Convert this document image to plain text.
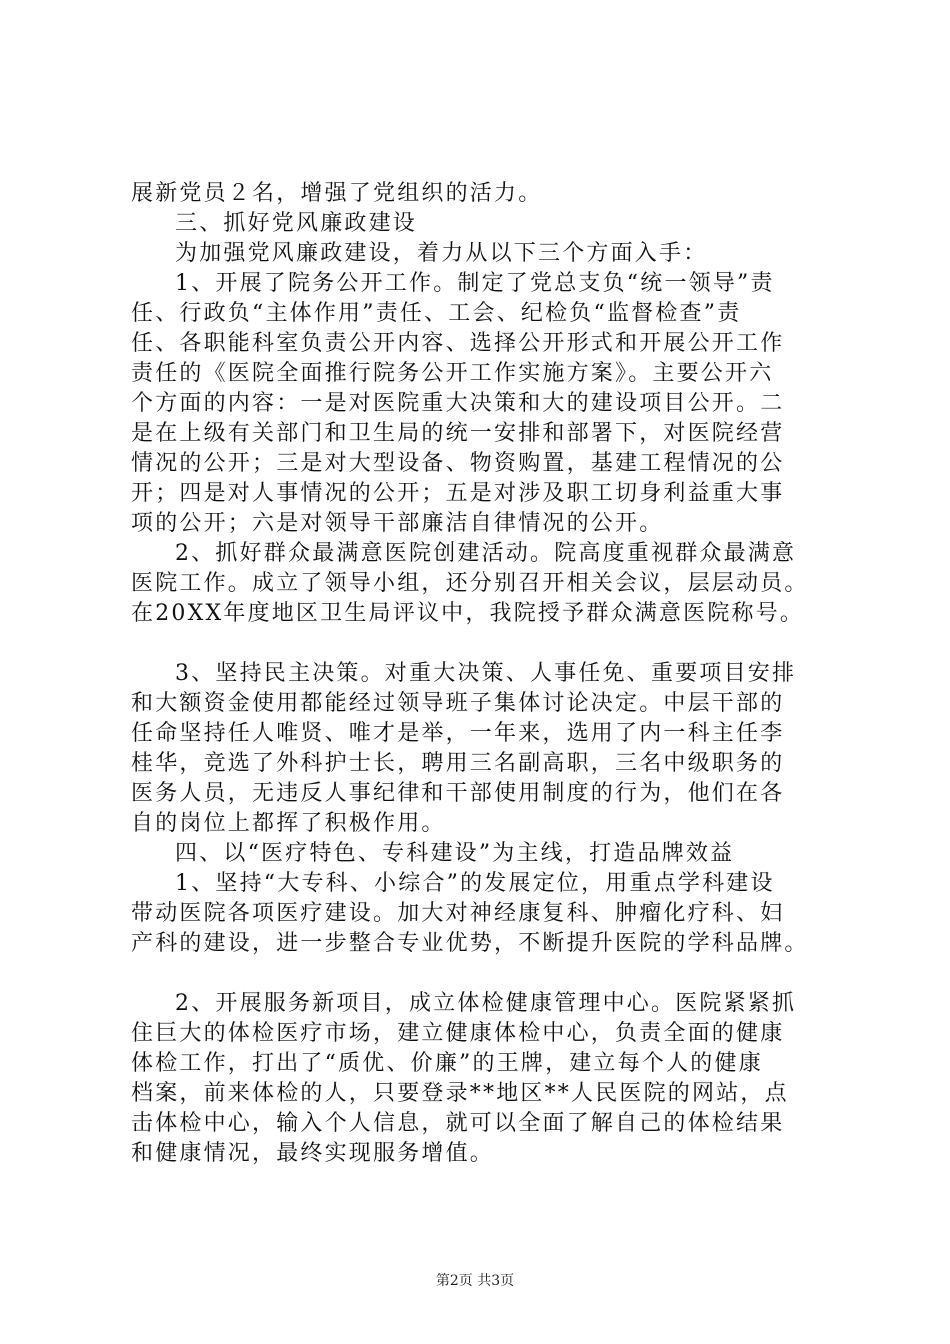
展新党员２名，增强了党组织的活力。
三、抓好党风廉政建设
为加强党风廉政建设，着力从以下三个方面入手：
1、开展了院务公开工作。制定了党总支负“统一领导”责
任、行政负“主体作用”责任、工会、纪检负“监督检查”责
任、各职能科室负责公开内容、选择公开形式和开展公开工作
责任的《医院全面推行院务公开工作实施方案》。主要公开六
个方面的内容：一是对医院重大决策和大的建设项目公开。二
是在上级有关部门和卫生局的统一安排和部署下，对医院经营
情况的公开；三是对大型设备、物资购置，基建工程情况的公
开；四是对人事情况的公开；五是对涉及职工切身利益重大事
项的公开；六是对领导干部廉洁自律情况的公开。
2、抓好群众最满意医院创建活动。院高度重视群众最满意
医院工作。成立了领导小组，还分别召开相关会议，层层动员。
在20XX年度地区卫生局评议中，我院授予群众满意医院称号。
3、坚持民主决策。对重大决策、人事任免、重要项目安排
和大额资金使用都能经过领导班子集体讨论决定。中层干部的
任命坚持任人唯贤、唯才是举，一年来，选用了内一科主任李
桂华，竞选了外科护士长，聘用三名副高职，三名中级职务的
医务人员，无违反人事纪律和干部使用制度的行为，他们在各
自的岗位上都挥了积极作用。
四、以“医疗特色、专科建设”为主线，打造品牌效益
1、坚持“大专科、小综合”的发展定位，用重点学科建设
带动医院各项医疗建设。加大对神经康复科、肿瘤化疗科、妇
产科的建设，进一步整合专业优势，不断提升医院的学科品牌。
2、开展服务新项目，成立体检健康管理中心。医院紧紧抓
住巨大的体检医疗市场，建立健康体检中心，负责全面的健康
体检工作，打出了“质优、价廉”的王牌，建立每个人的健康
档案，前来体检的人，只要登录**地区**人民医院的网站，点
击体检中心，输入个人信息，就可以全面了解自己的体检结果
和健康情况，最终实现服务增值。
第2页 共3页
